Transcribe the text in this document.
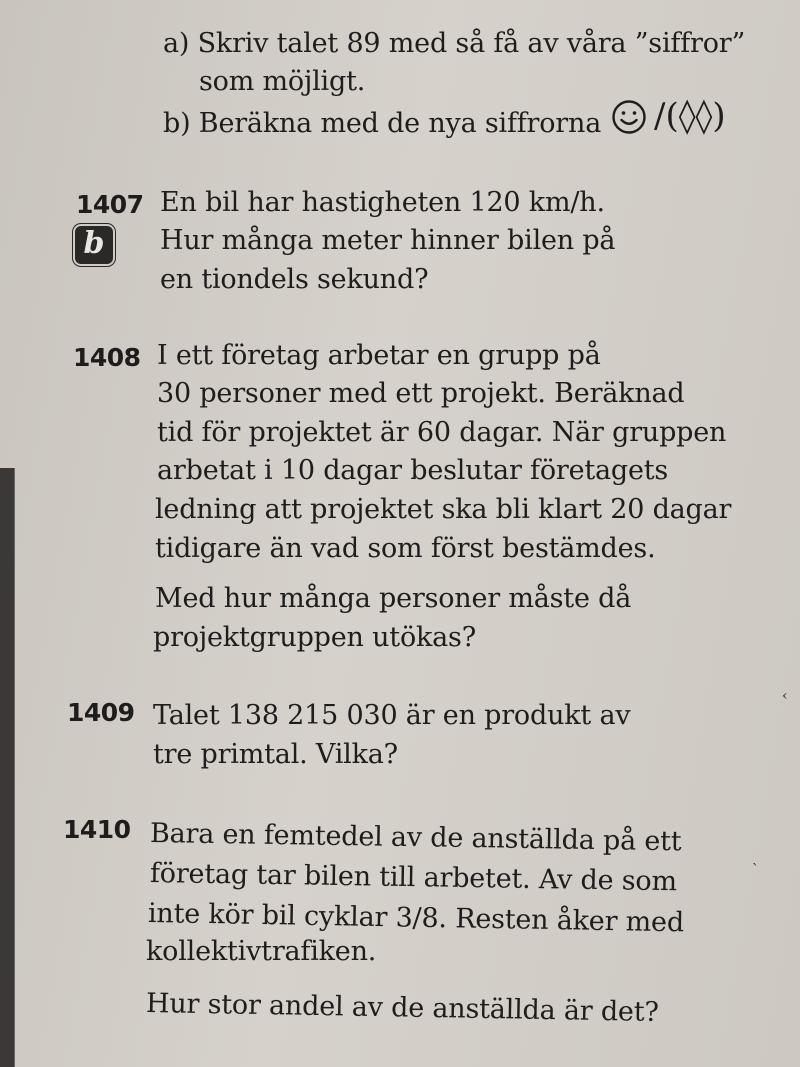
a) Skriv talet 89 med så få av våra ”siffror”
som möjligt.
b) Beräkna med de nya siffrorna /(◊◊)
1407
b
En bil har hastigheten 120 km/h.
Hur många meter hinner bilen på
en tiondels sekund?
1408 I ett företag arbetar en grupp på
30 personer med ett projekt. Beräknad
tid för projektet är 60 dagar. När gruppen
arbetat i 10 dagar beslutar företagets
ledning att projektet ska bli klart 20 dagar
tidigare än vad som först bestämdes.
Med hur många personer måste då
projektgruppen utökas?
1409 Talet 138 215 030 är en produkt av
tre primtal. Vilka?
1410 Bara en femtedel av de anställda på ett
företag tar bilen till arbetet. Av de som
inte kör bil cyklar 3/8. Resten åker med
kollektivtrafiken.
Hur stor andel av de anställda är det?
‹
`
